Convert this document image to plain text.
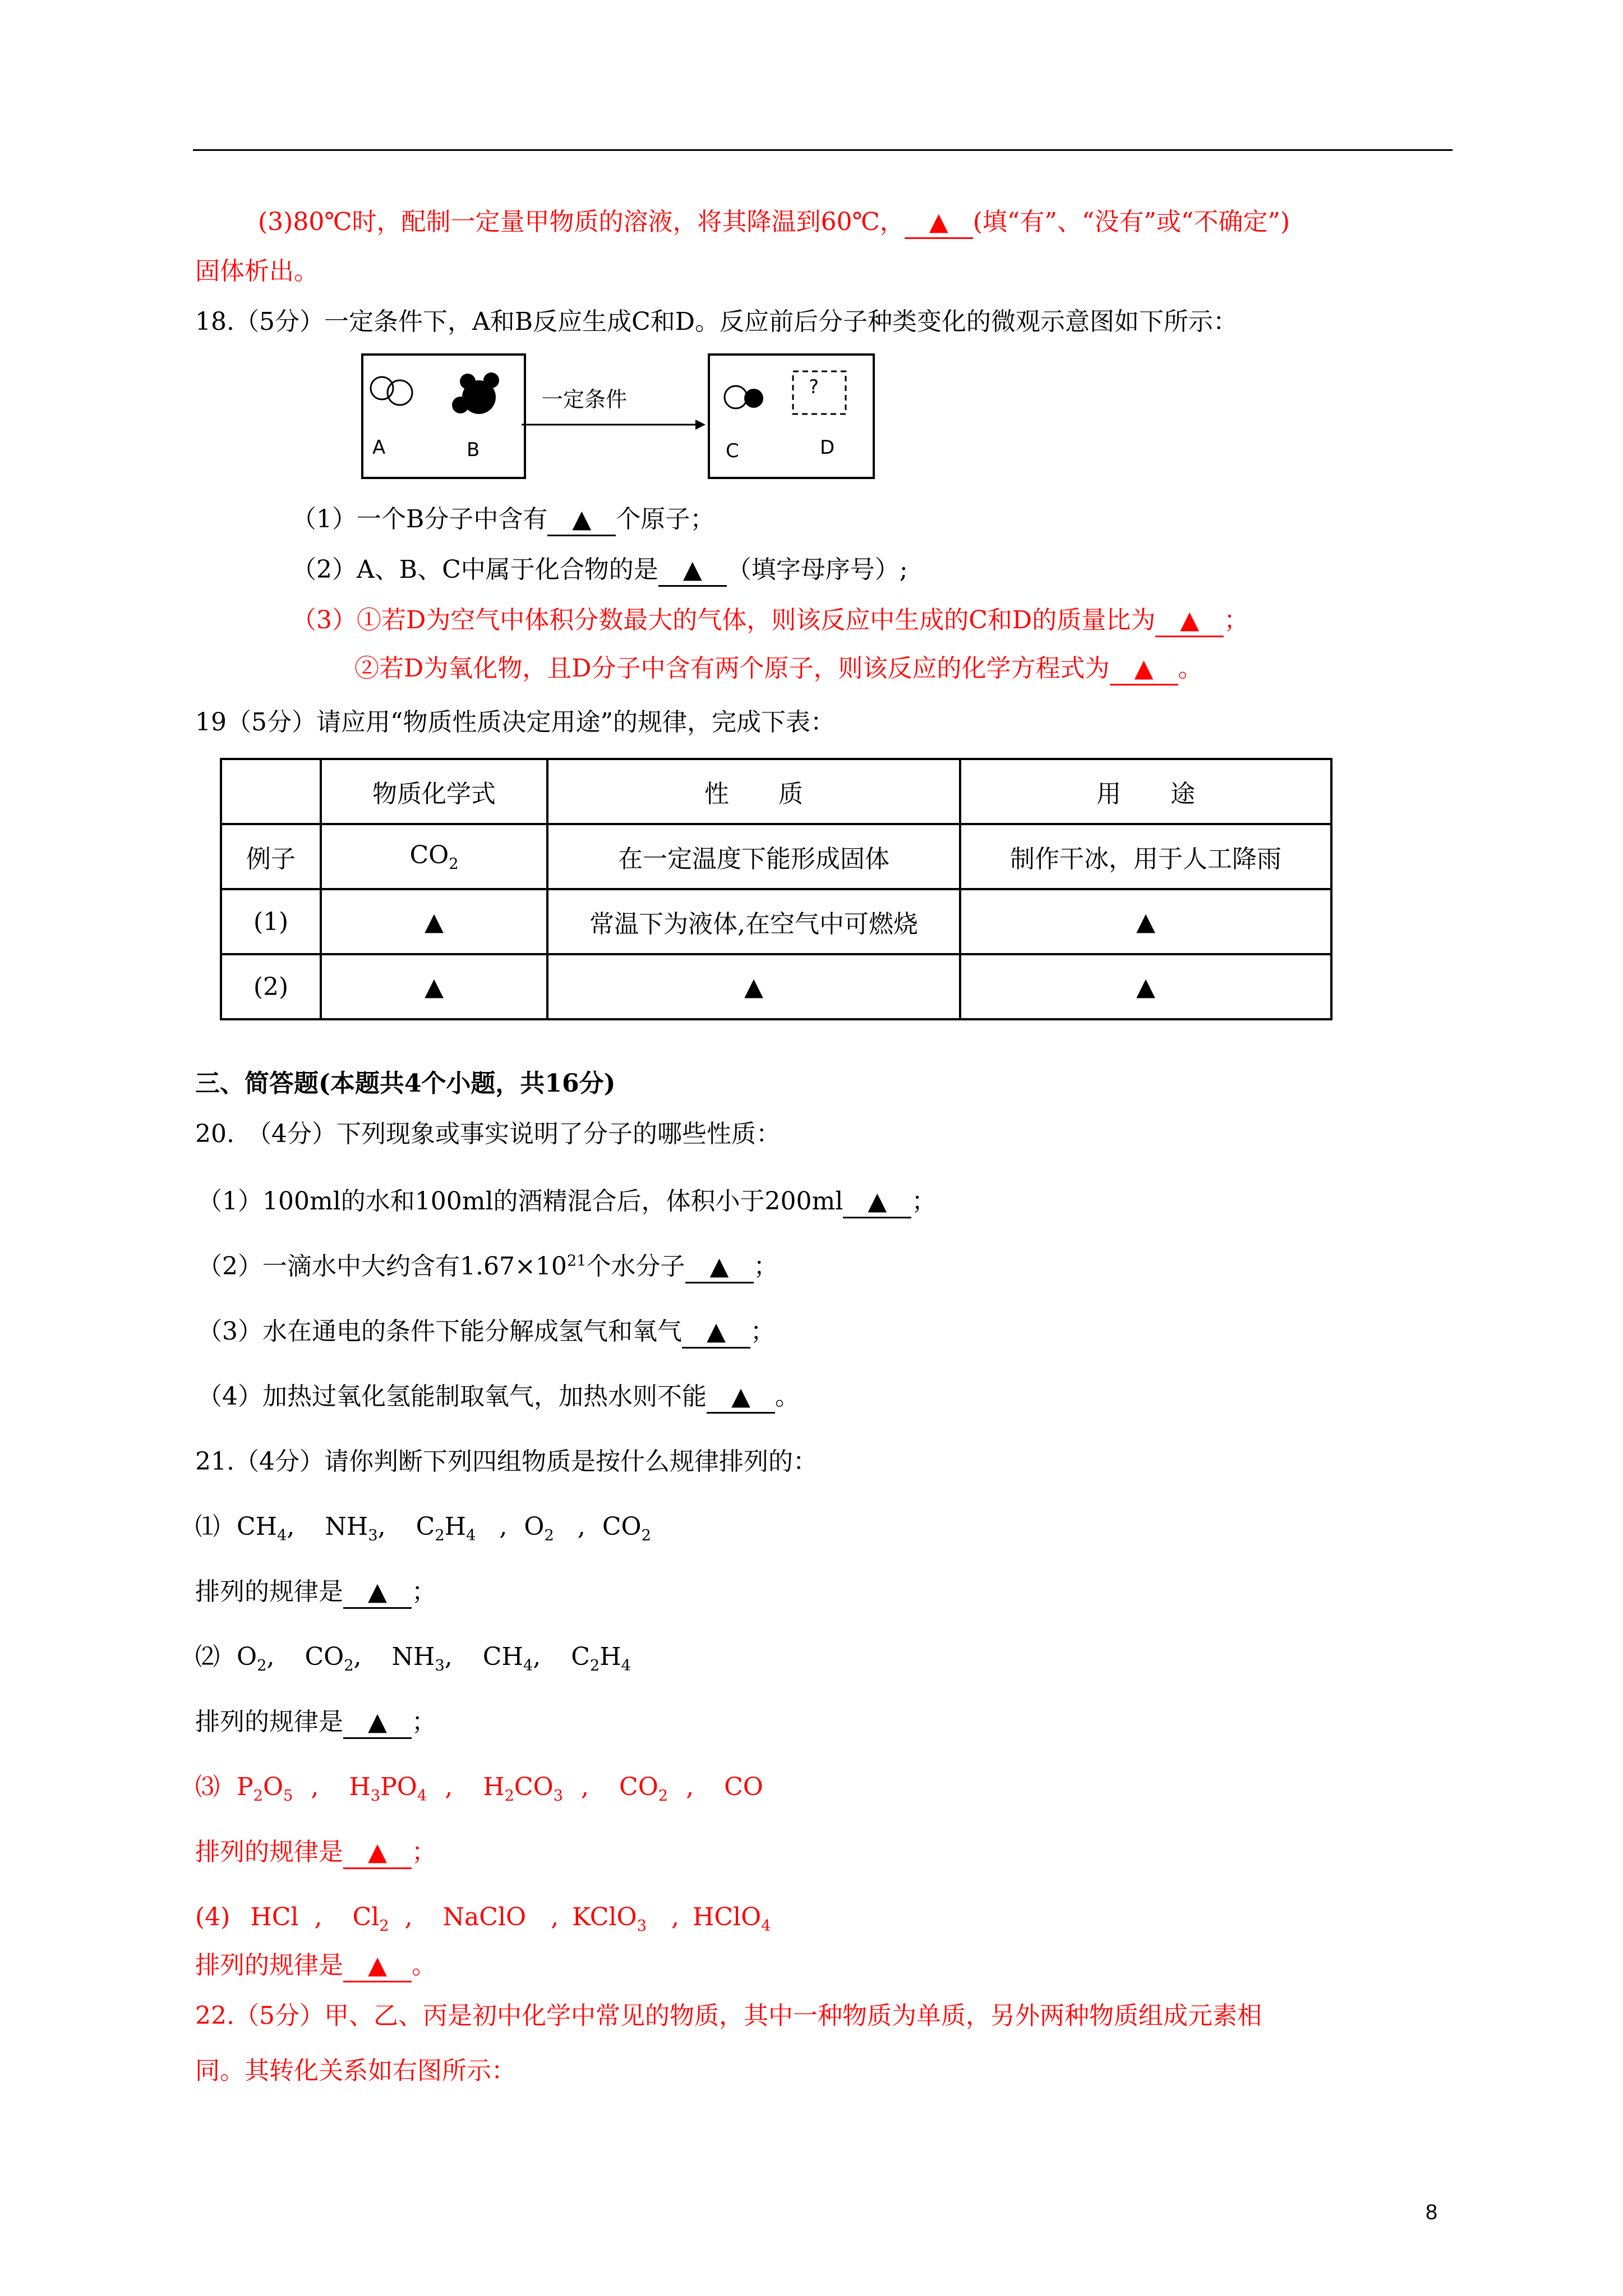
(3)80℃时，配制一定量甲物质的溶液，将其降温到60℃， ▲ (填“有”、“没有”或“不确定”)
固体析出。
18.（5分）一定条件下，A和B反应生成C和D。反应前后分子种类变化的微观示意图如下所示：
A	B
一定条件	?
C	D
（1）一个B分子中含有 ▲ 个原子；
（2）A、B、C中属于化合物的是 ▲ （填字母序号）;
（3）①若D为空气中体积分数最大的气体，则该反应中生成的C和D的质量比为 ▲ ；
②若D为氧化物，且D分子中含有两个原子，则该反应的化学方程式为 ▲ 。
19（5分）请应用“物质性质决定用途”的规律，完成下表：
	物质化学式	性　　质	用　　途
例子	$CO_2$	在一定温度下能形成固体	制作干冰，用于人工降雨
(1)	▲	常温下为液体,在空气中可燃烧	▲
(2)	▲	▲	▲
三、简答题(本题共4个小题，共16分)
20.　（4分）下列现象或事实说明了分子的哪些性质：
（1）100ml的水和100ml的酒精混合后，体积小于200ml ▲ ；
（2）一滴水中大约含有$1.67\times 10^{21}$个水分子 ▲ ；
（3）水在通电的条件下能分解成氢气和氧气 ▲ ；
（4）加热过氧化氢能制取氧气，加热水则不能 ▲ 。
21.（4分）请你判断下列四组物质是按什么规律排列的：
⑴ $CH_4$, $NH_3$, $C_2H_4$ , $O_2$ , $CO_2$
排列的规律是 ▲ ；
⑵ $O_2$, $CO_2$, $NH_3$, $CH_4$, $C_2H_4$
排列的规律是 ▲ ；
⑶ $P_2O_5$ , $H_3PO_4$ , $H_2CO_3$ , $CO_2$ , CO
排列的规律是 ▲ ；
(4) HCl , $Cl_2$ , NaClO , KClO$_3$ , HClO$_4$
排列的规律是 ▲ 。
22.（5分）甲、乙、丙是初中化学中常见的物质，其中一种物质为单质，另外两种物质组成元素相
同。其转化关系如右图所示：
8
